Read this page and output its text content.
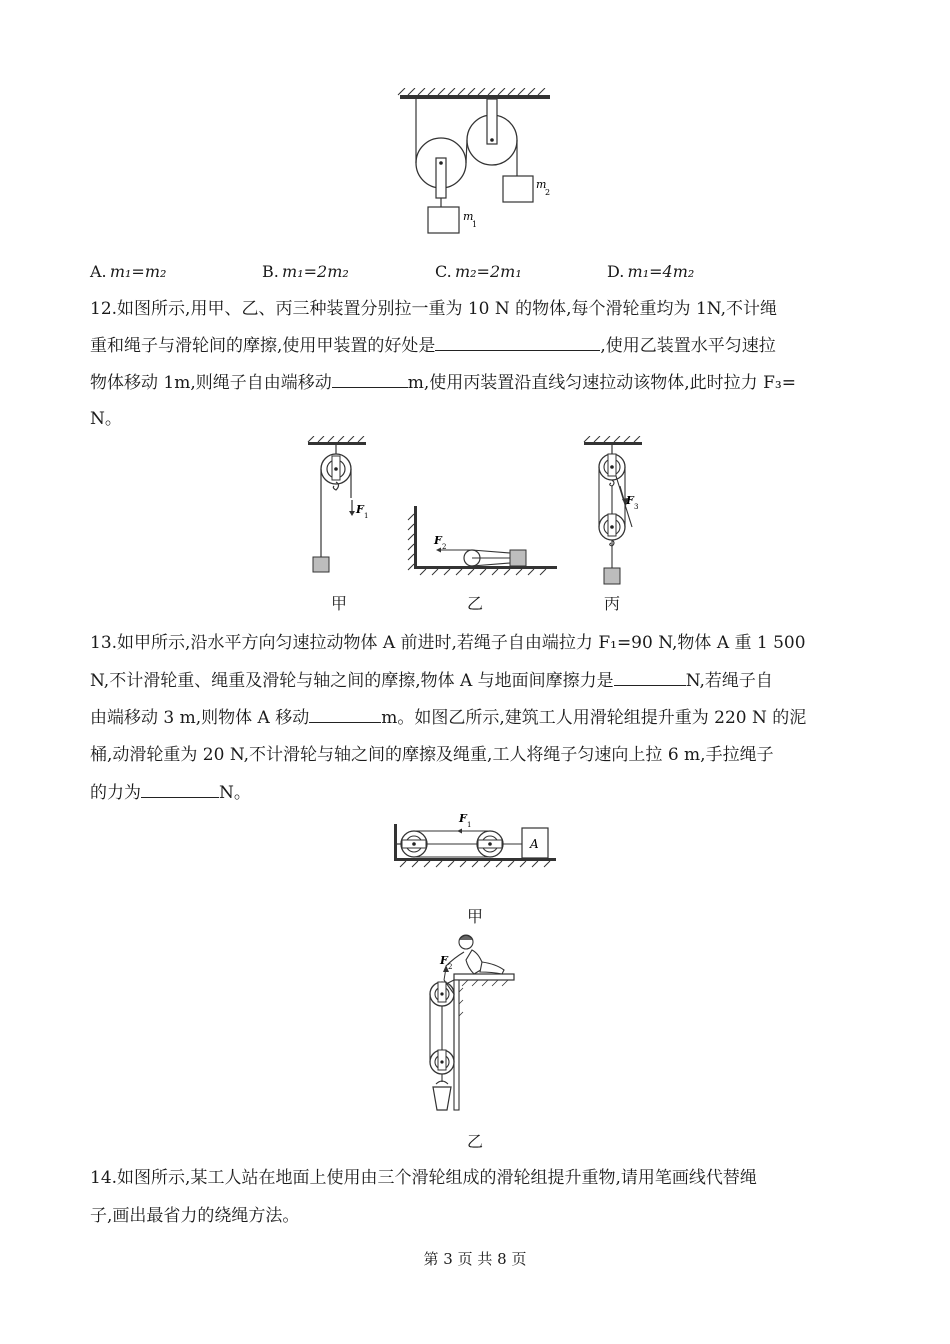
m
2
m
1
A.  m₁=m₂	B.  m₁=2m₂	C.  m₂=2m₁	D.  m₁=4m₂
12.如图所示,用甲、乙、丙三种装置分别拉一重为 10 N 的物体,每个滑轮重均为 1N,不计绳
重和绳子与滑轮间的摩擦,使用甲装置的好处是	,使用乙装置水平匀速拉
物体移动 1m,则绳子自由端移动	m,使用丙装置沿直线匀速拉动该物体,此时拉力 F₃=
N。
F 1
F 2
F 3
甲	乙	丙
13.如甲所示,沿水平方向匀速拉动物体 A 前进时,若绳子自由端拉力 F₁=90 N,物体 A 重 1 500
N,不计滑轮重、绳重及滑轮与轴之间的摩擦,物体 A 与地面间摩擦力是	N,若绳子自
由端移动 3 m,则物体 A 移动	m。如图乙所示,建筑工人用滑轮组提升重为 220 N 的泥
桶,动滑轮重为 20 N,不计滑轮与轴之间的摩擦及绳重,工人将绳子匀速向上拉 6 m,手拉绳子
的力为	N。
A
F 1
甲
F 2
乙
14.如图所示,某工人站在地面上使用由三个滑轮组成的滑轮组提升重物,请用笔画线代替绳
子,画出最省力的绕绳方法。
第 3 页 共 8 页
